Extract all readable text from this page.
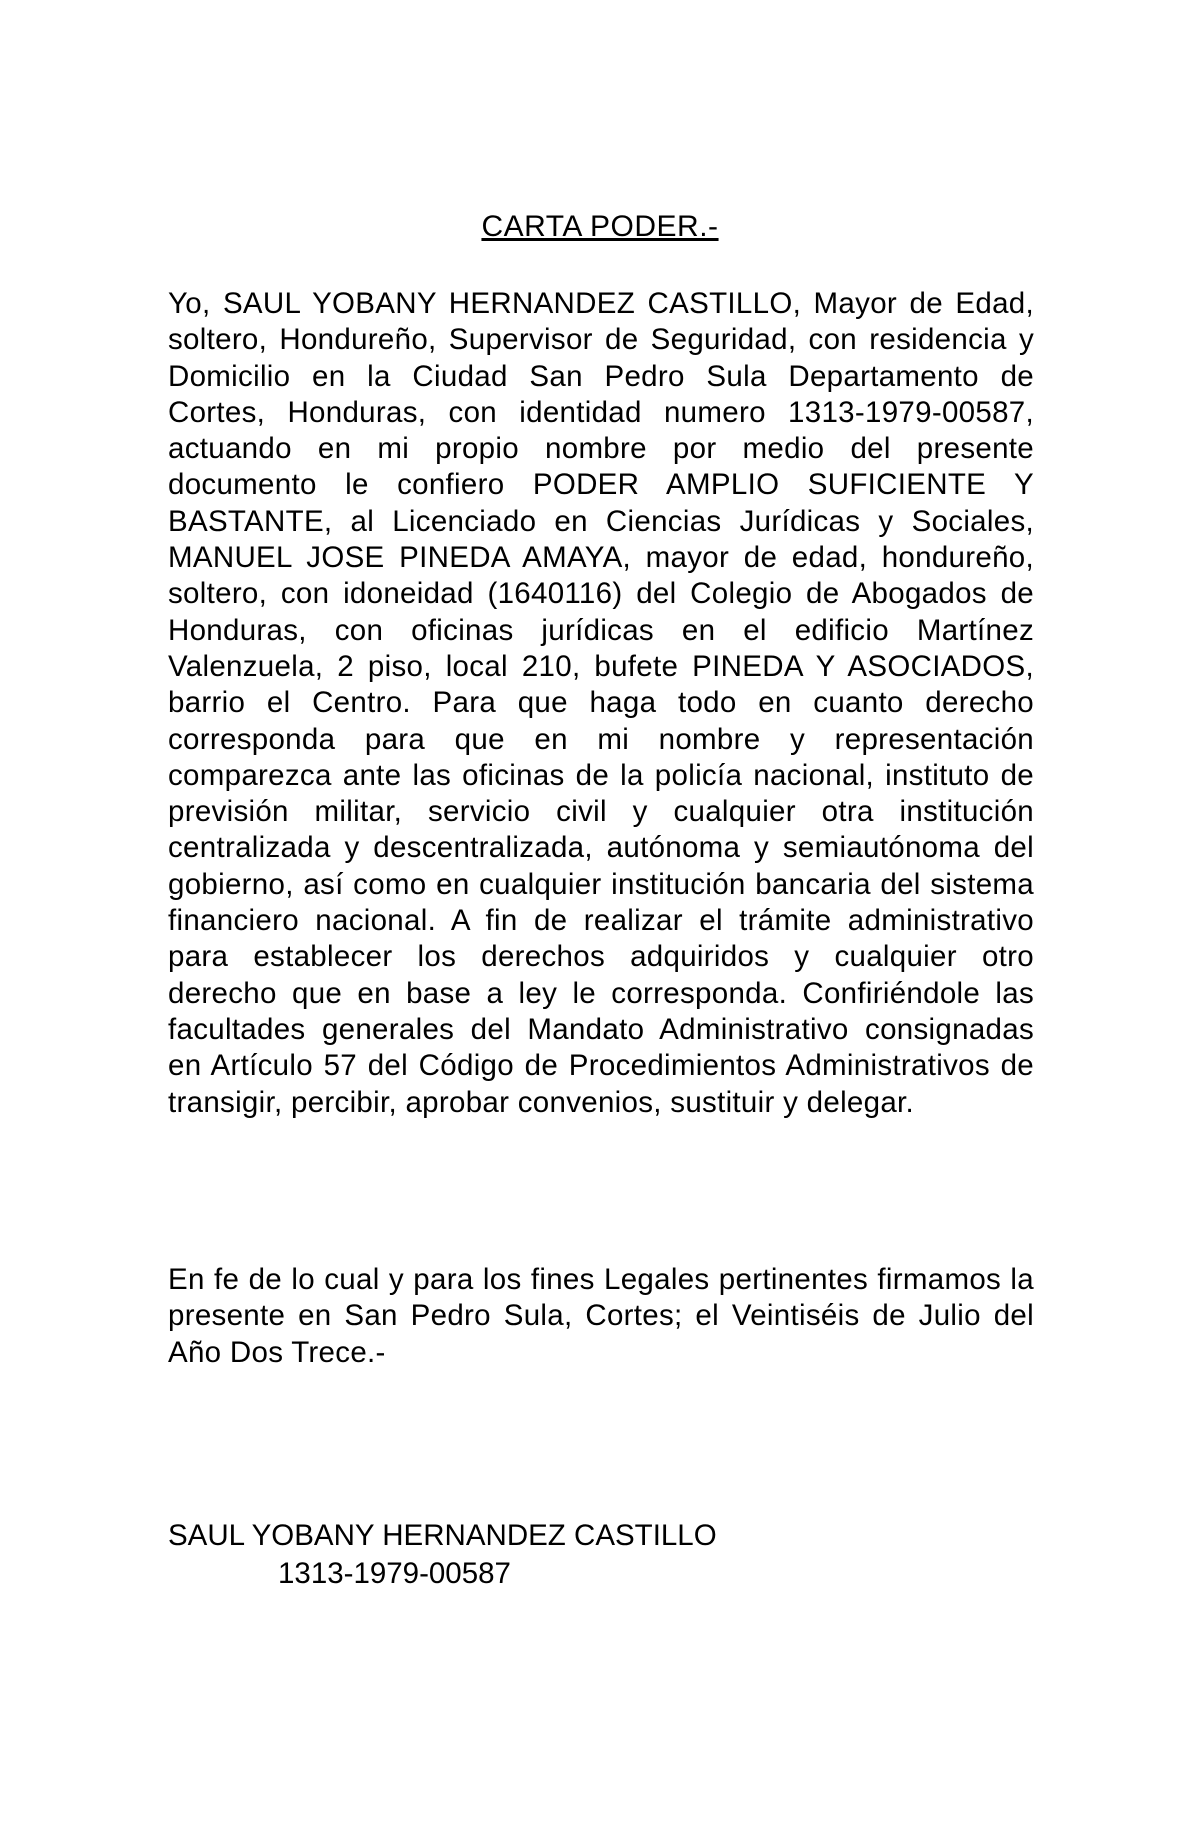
CARTA PODER.-
Yo, SAUL YOBANY HERNANDEZ CASTILLO, Mayor de Edad, soltero, Hondureño, Supervisor de Seguridad, con residencia y Domicilio en la Ciudad San Pedro Sula Departamento de Cortes, Honduras, con identidad numero 1313-1979-00587, actuando en mi propio nombre por medio del presente documento le confiero PODER AMPLIO SUFICIENTE Y BASTANTE, al Licenciado en Ciencias Jurídicas y Sociales, MANUEL JOSE PINEDA AMAYA, mayor de edad, hondureño, soltero, con idoneidad (1640116) del Colegio de Abogados de Honduras, con oficinas jurídicas en el edificio Martínez Valenzuela, 2 piso, local 210, bufete PINEDA Y ASOCIADOS, barrio el Centro. Para que haga todo en cuanto derecho corresponda para que en mi nombre y representación comparezca ante las oficinas de la policía nacional, instituto de previsión militar, servicio civil y cualquier otra institución centralizada y descentralizada, autónoma y semiautónoma del gobierno, así como en cualquier institución bancaria del sistema financiero nacional. A fin de realizar el trámite administrativo para establecer los derechos adquiridos y cualquier otro derecho que en base a ley le corresponda. Confiriéndole las facultades generales del Mandato Administrativo consignadas en Artículo 57 del Código de Procedimientos Administrativos de transigir, percibir, aprobar convenios, sustituir y delegar.
En fe de lo cual y para los fines Legales pertinentes firmamos la presente en San Pedro Sula, Cortes; el Veintiséis de Julio del Año Dos Trece.-
SAUL YOBANY HERNANDEZ CASTILLO
1313-1979-00587
